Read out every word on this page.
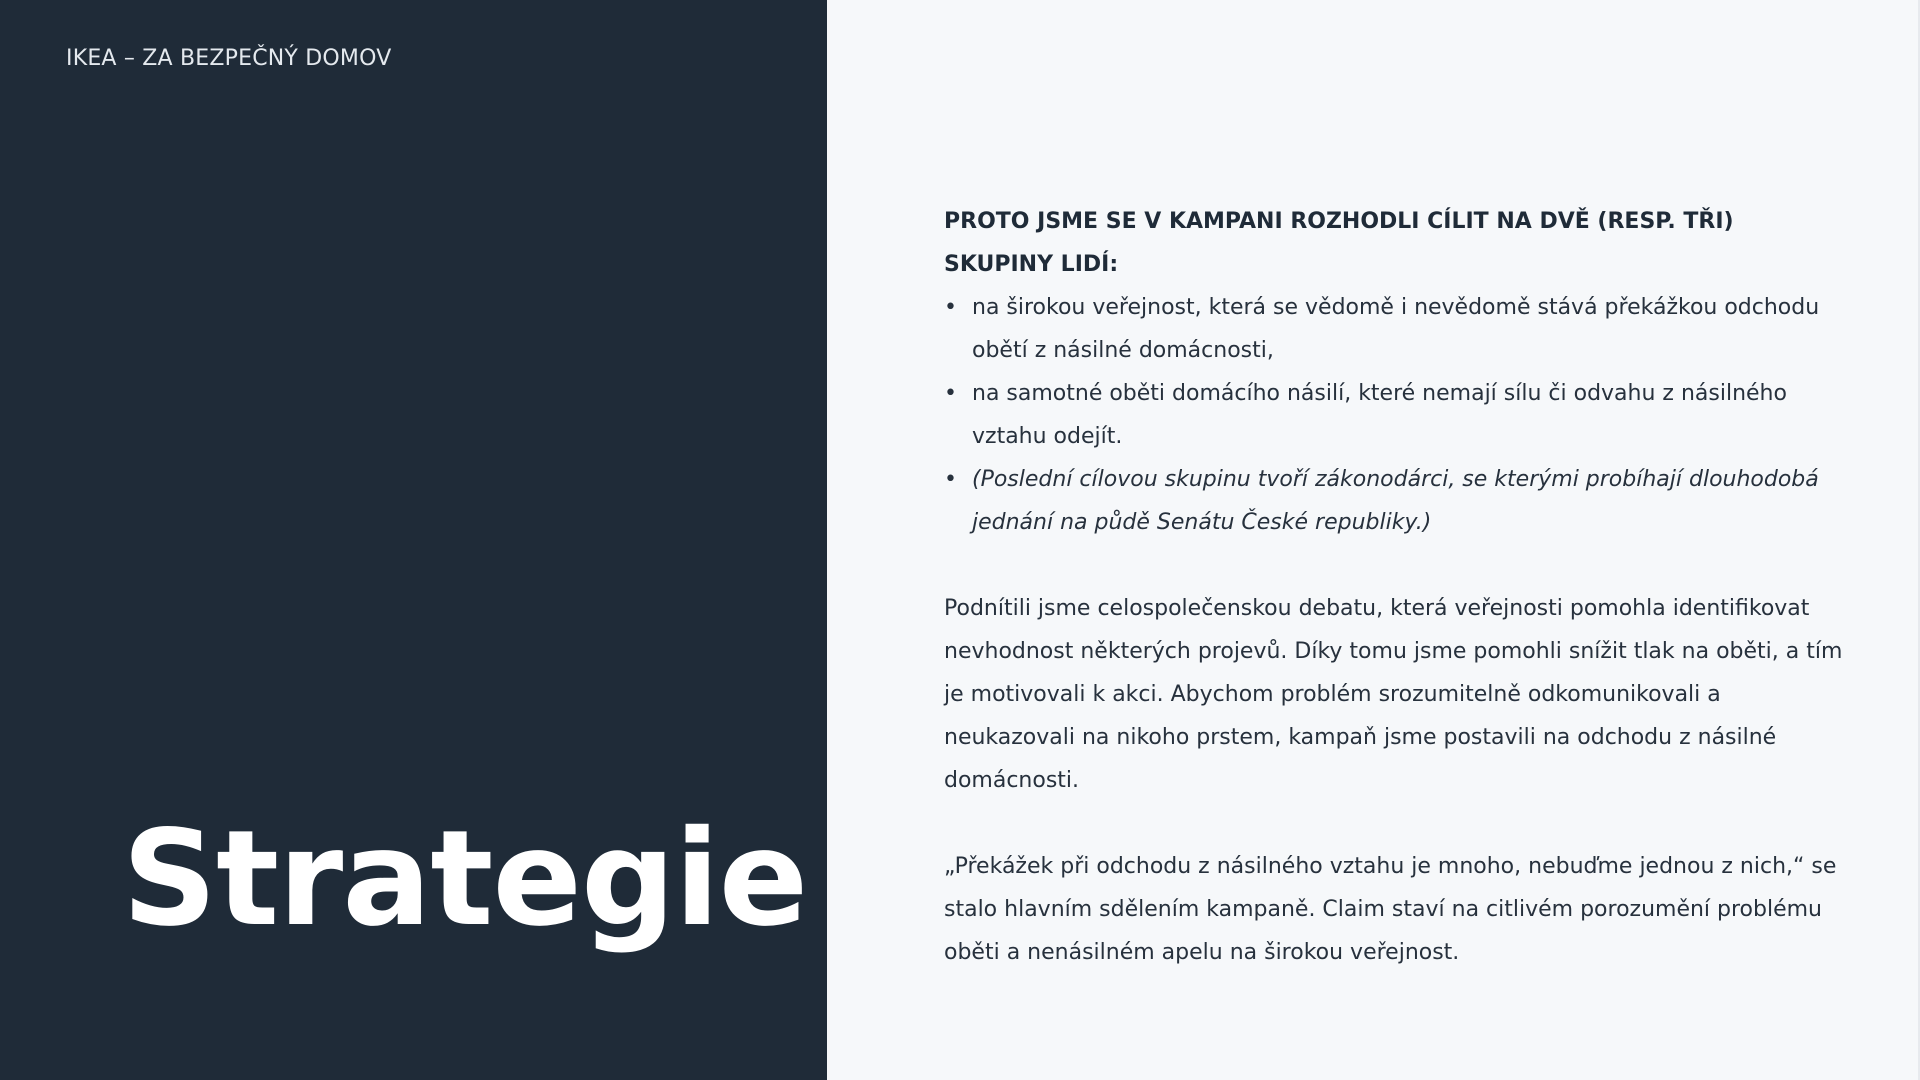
IKEA – ZA BEZPEČNÝ DOMOV
Strategie

PROTO JSME SE V KAMPANI ROZHODLI CÍLIT NA DVĚ (RESP. TŘI) SKUPINY LIDÍ:

• na širokou veřejnost, která se vědomě i nevědomě stává překážkou odchodu obětí z násilné domácnosti,
• na samotné oběti domácího násilí, které nemají sílu či odvahu z násilného vztahu odejít.
• (Poslední cílovou skupinu tvoří zákonodárci, se kterými probíhají dlouhodobá jednání na půdě Senátu České republiky.)

Podnítili jsme celospolečenskou debatu, která veřejnosti pomohla identifikovat nevhodnost některých projevů. Díky tomu jsme pomohli snížit tlak na oběti, a tím je motivovali k akci. Abychom problém srozumitelně odkomunikovali a neukazovali na nikoho prstem, kampaň jsme postavili na odchodu z násilné domácnosti.

„Překážek při odchodu z násilného vztahu je mnoho, nebuďme jednou z nich,“ se stalo hlavním sdělením kampaně. Claim staví na citlivém porozumění problému oběti a nenásilném apelu na širokou veřejnost.
